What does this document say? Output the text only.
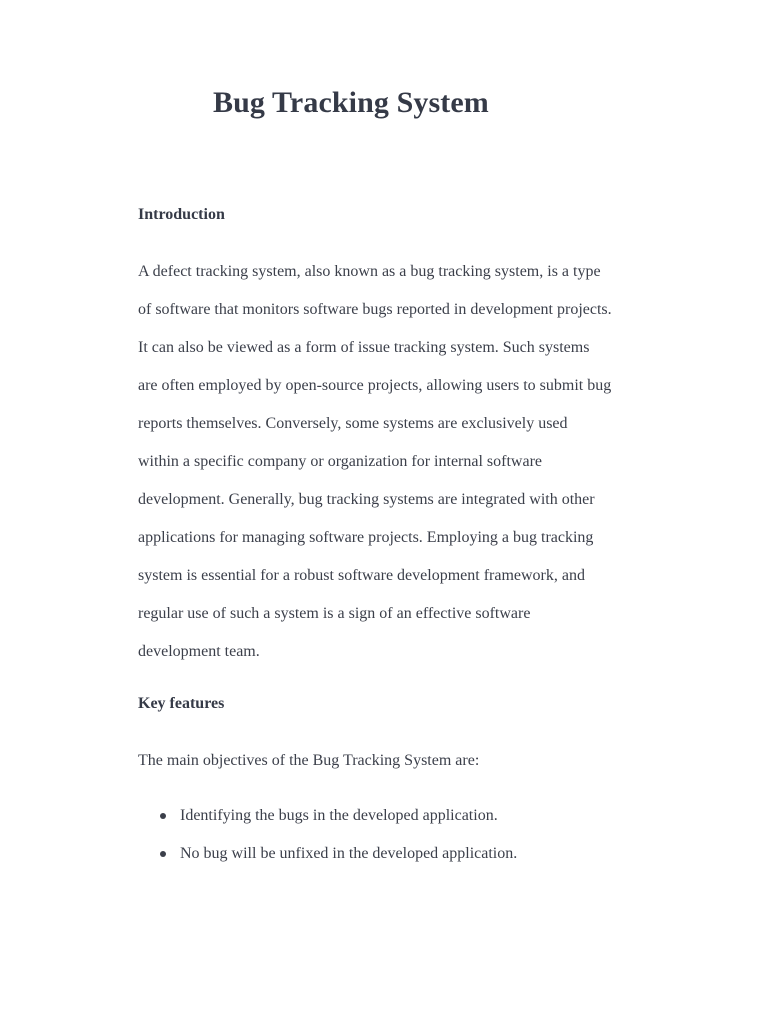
Bug Tracking System
Introduction
A defect tracking system, also known as a bug tracking system, is a type
of software that monitors software bugs reported in development projects.
It can also be viewed as a form of issue tracking system. Such systems
are often employed by open-source projects, allowing users to submit bug
reports themselves. Conversely, some systems are exclusively used
within a specific company or organization for internal software
development. Generally, bug tracking systems are integrated with other
applications for managing software projects. Employing a bug tracking
system is essential for a robust software development framework, and
regular use of such a system is a sign of an effective software
development team.
Key features

The main objectives of the Bug Tracking System are:

Identifying the bugs in the developed application.
No bug will be unfixed in the developed application.
